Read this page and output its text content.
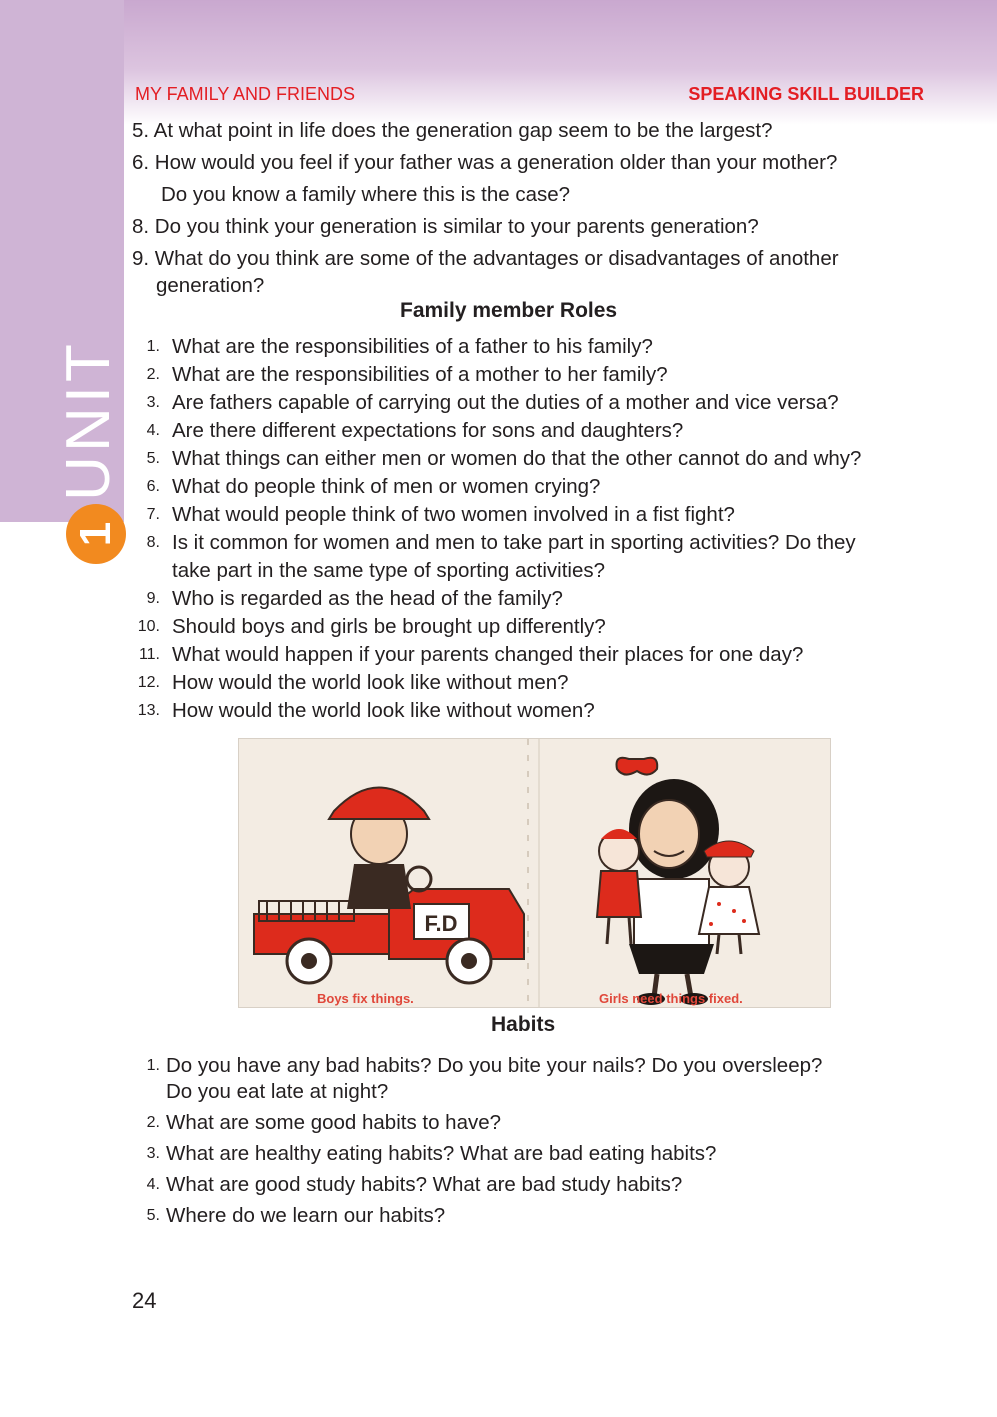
UNIT
1
MY FAMILY AND FRIENDS	SPEAKING SKILL BUILDER
5. At what point in life does the generation gap seem to be the largest?
6. How would you feel if your father was a generation older than your mother?
Do you know a family where this is the case?
8. Do you think your generation is similar to your parents generation?
9. What do you think are some of the advantages or disadvantages of another
generation?
Family member Roles
1. What are the responsibilities of a father to his family?
2. What are the responsibilities of a mother to her family?
3. Are fathers capable of carrying out the duties of a mother and vice versa?
4. Are there different expectations for sons and daughters?
5. What things can either men or women do that the other cannot do and why?
6. What do people think of men or women crying?
7. What would people think of two women involved in a fist fight?
8. Is it common for women and men to take part in sporting activities? Do they
take part in the same type of sporting activities?
9. Who is regarded as the head of the family?
10. Should boys and girls be brought up differently?
11. What would happen if your parents changed their places for one day?
12. How would the world look like without men?
13. How would the world look like without women?
F.D
Boys fix things.	Girls need things fixed.
Habits
1. Do you have any bad habits? Do you bite your nails? Do you oversleep?
Do you eat late at night?
2. What are some good habits to have?
3. What are healthy eating habits? What are bad eating habits?
4. What are good study habits? What are bad study habits?
5. Where do we learn our habits?
24
